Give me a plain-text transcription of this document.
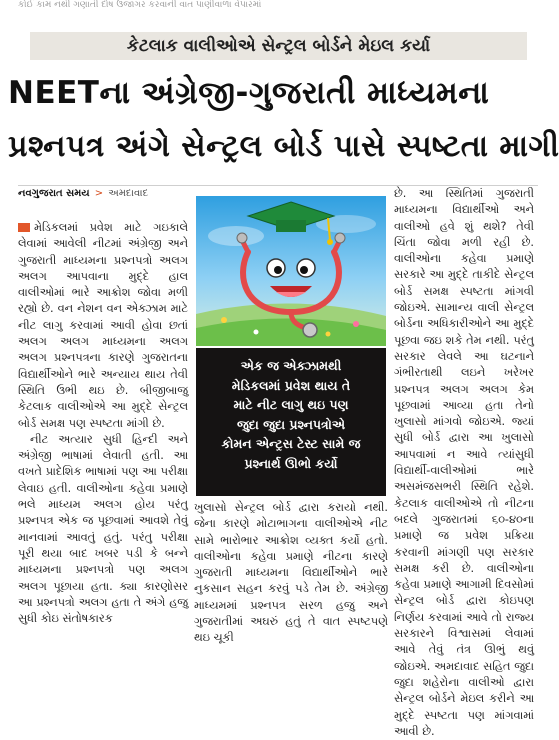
કોઈ કામ નથી ગણાતી દોષ ઉજાગર કરવાની વાત પાણીવાળા વેપારમાં
કેટલાક વાલીઓએ સેન્ટ્રલ બોર્ડને મેઇલ કર્યા
NEETના અંગ્રેજી-ગુજરાતી માધ્યમના
પ્રશ્નપત્ર અંગે સેન્ટ્રલ બોર્ડ પાસે સ્પષ્ટતા માગી
નવગુજરાત સમય > અમદાવાદ

મેડિકલમાં પ્રવેશ માટે ગઇકાલે લેવામાં આવેલી નીટમાં અંગ્રેજી અને ગુજરાતી માધ્યમના પ્રશ્નપત્રો અલગ અલગ આપવાના મુદ્દે હાલ વાલીઓમાં ભારે આક્રોશ જોવા મળી રહ્યો છે. વન નેશન વન એક્ઝામ માટે નીટ લાગુ કરવામાં આવી હોવા છતાં અલગ અલગ માધ્યમના અલગ અલગ પ્રશ્નપત્રના કારણે ગુજરાતના વિદ્યાર્થીઓને ભારે અન્યાય થાય તેવી સ્થિતિ ઉભી થઇ છે. બીજીબાજુ કેટલાક વાલીઓએ આ મુદ્દે સેન્ટ્રલ બોર્ડ સમક્ષ પણ સ્પષ્ટતા માંગી છે.

નીટ અત્યાર સુધી હિન્દી અને અંગ્રેજી ભાષામાં લેવાતી હતી. આ વખતે પ્રાદેશિક ભાષામાં પણ આ પરીક્ષા લેવાઇ હતી. વાલીઓના કહેવા પ્રમાણે ભલે માધ્યમ અલગ હોય પરંતુ પ્રશ્નપત્ર એક જ પૂછવામાં આવશે તેવું માનવામાં આવતું હતું. પરંતુ પરીક્ષા પૂરી થયા બાદ ખબર પડી કે બન્ને માધ્યમના પ્રશ્નપત્રો પણ અલગ અલગ પૂછાયા હતા. ક્યા કારણોસર આ પ્રશ્નપત્રો અલગ હતા તે અંગે હજુ સુધી કોઇ સંતોષકારક

એક જ એક્ઝામથી
મેડિકલમાં પ્રવેશ થાય તે
માટે નીટ લાગુ થઇ પણ
જુદા જુદા પ્રશ્નપત્રોએ
કોમન એન્ટ્રસ ટેસ્ટ સામે જ
પ્રશ્નાર્થ ઊભો કર્યો

ખુલાસો સેન્ટ્રલ બોર્ડ દ્વારા કરાયો નથી. જેના કારણે મોટાભાગના વાલીઓએ નીટ સામે ભારોભાર આક્રોશ વ્યક્ત કર્યો હતો. વાલીઓના કહેવા પ્રમાણે નીટના કારણે ગુજરાતી માધ્યમના વિદ્યાર્થીઓને ભારે નુકસાન સહન કરવું પડે તેમ છે. અંગ્રેજી માધ્યમમાં પ્રશ્નપત્ર સરળ હજુ અને ગુજરાતીમાં અઘરું હતું તે વાત સ્પષ્ટપણે થઇ ચૂકી

છે. આ સ્થિતિમાં ગુજરાતી માધ્યમના વિદ્યાર્થીઓ અને વાલીઓ હવે શું થશે? તેવી ચિંતા જોવા મળી રહી છે. વાલીઓના કહેવા પ્રમાણે સરકારે આ મુદ્દે તાકીદે સેન્ટ્રલ બોર્ડ સમક્ષ સ્પષ્ટતા માંગવી જોઇએ. સામાન્ય વાલી સેન્ટ્રલ બોર્ડના અધિકારીઓને આ મુદ્દે પૂછવા જઇ શકે તેમ નથી. પરંતુ સરકાર લેવલે આ ઘટનાને ગંભીરતાથી લઇને ખરેખર પ્રશ્નપત્ર અલગ અલગ કેમ પૂછવામાં આવ્યા હતા તેનો ખુલાસો માંગવો જોઇએ. જ્યાં સુધી બોર્ડ દ્વારા આ ખુલાસો આપવામાં ન આવે ત્યાંસુધી વિદ્યાર્થી-વાલીઓમાં ભારે અસમંજસભરી સ્થિતિ રહેશે. કેટલાક વાલીઓએ તો નીટના બદલે ગુજરાતમાં ૬૦-૪૦ના પ્રમાણે જ પ્રવેશ પ્રક્રિયા કરવાની માંગણી પણ સરકાર સમક્ષ કરી છે. વાલીઓના કહેવા પ્રમાણે આગામી દિવસોમાં સેન્ટ્રલ બોર્ડ દ્વારા કોઇપણ નિર્ણય કરવામાં આવે તો રાજ્ય સરકારને વિશ્વાસમાં લેવામાં આવે તેવું તંત્ર ઊભું થવું જોઇએ. અમદાવાદ સહિત જુદા જુદા શહેરોના વાલીઓ દ્વારા સેન્ટ્રલ બોર્ડને મેઇલ કરીને આ મુદ્દે સ્પષ્ટતા પણ માંગવામાં આવી છે.
